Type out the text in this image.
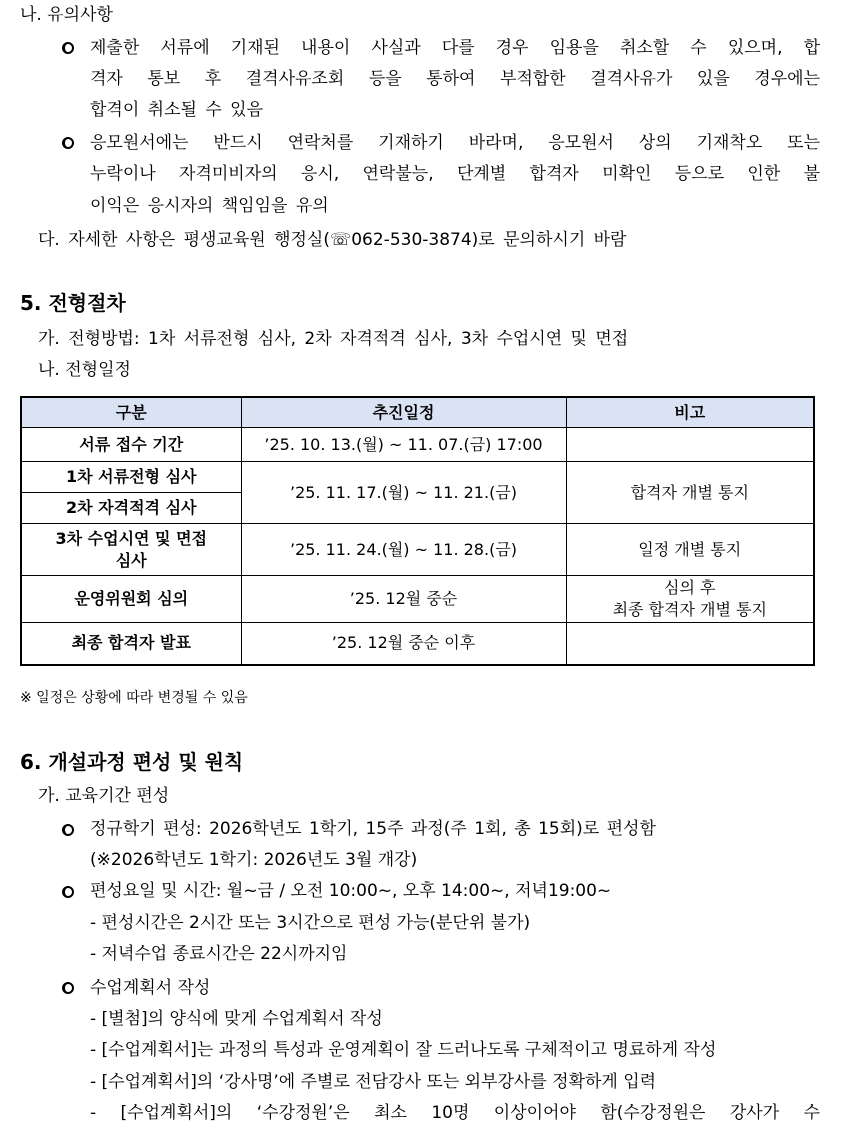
나. 유의사항
제출한 서류에 기재된 내용이 사실과 다를 경우 임용을 취소할 수 있으며, 합
격자 통보 후 결격사유조회 등을 통하여 부적합한 결격사유가 있을 경우에는
합격이 취소될 수 있음
응모원서에는 반드시 연락처를 기재하기 바라며, 응모원서 상의 기재착오 또는
누락이나 자격미비자의 응시, 연락불능, 단계별 합격자 미확인 등으로 인한 불
이익은 응시자의 책임임을 유의
다. 자세한 사항은 평생교육원 행정실(☏062-530-3874)로 문의하시기 바람
5. 전형절차
가. 전형방법: 1차 서류전형 심사, 2차 자격적격 심사, 3차 수업시연 및 면접
나. 전형일정
구분	추진일정	비고
서류 접수 기간	’25. 10. 13.(월) ~ 11. 07.(금) 17:00	
1차 서류전형 심사	’25. 11. 17.(월) ~ 11. 21.(금)	합격자 개별 통지
2차 자격적격 심사		

3차 수업시연 및 면접
심사	’25. 11. 24.(월) ~ 11. 28.(금)	일정 개별 통지
운영위원회 심의	’25. 12월 중순	심의 후
최종 합격자 개별 통지

최종 합격자 발표	’25. 12월 중순 이후	
※ 일정은 상황에 따라 변경될 수 있음
6. 개설과정 편성 및 원칙
가. 교육기간 편성
정규학기 편성: 2026학년도 1학기, 15주 과정(주 1회, 총 15회)로 편성함
(※2026학년도 1학기: 2026년도 3월 개강)
편성요일 및 시간: 월~금 / 오전 10:00~, 오후 14:00~, 저녁19:00~
- 편성시간은 2시간 또는 3시간으로 편성 가능(분단위 불가)
- 저녁수업 종료시간은 22시까지임
수업계획서 작성
- [별첨]의 양식에 맞게 수업계획서 작성
- [수업계획서]는 과정의 특성과 운영계획이 잘 드러나도록 구체적이고 명료하게 작성
- [수업계획서]의 ‘강사명’에 주별로 전담강사 또는 외부강사를 정확하게 입력
- [수업계획서]의 ‘수강정원’은 최소 10명 이상이어야 함(수강정원은 강사가 수
